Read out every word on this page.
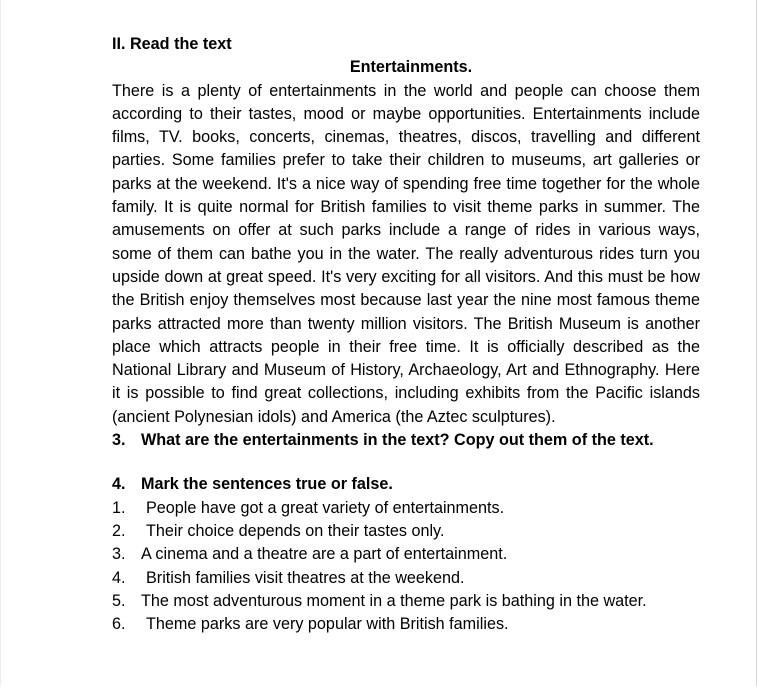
II. Read the text

Entertainments.

There is a plenty of entertainments in the world and people can choose them according to their tastes, mood or maybe opportunities. Entertainments include films, TV. books, concerts, cinemas, theatres, discos, travelling and different parties. Some families prefer to take their children to museums, art galleries or parks at the weekend. It's a nice way of spending free time together for the whole family. It is quite normal for British families to visit theme parks in summer. The amusements on offer at such parks include a range of rides in various ways, some of them can bathe you in the water. The really adventurous rides turn you upside down at great speed. It's very exciting for all visitors. And this must be how the British enjoy themselves most because last year the nine most famous theme parks attracted more than twenty million visitors. The British Museum is another place which attracts people in their free time. It is officially described as the National Library and Museum of History, Archaeology, Art and Ethnography. Here it is possible to find great collections, including exhibits from the Pacific islands (ancient Polynesian idols) and America (the Aztec sculptures).

3. What are the entertainments in the text? Copy out them of the text.

4. Mark the sentences true or false.

1.	People have got a great variety of entertainments.
2.	Their choice depends on their tastes only.
3. A cinema and a theatre are a part of entertainment.
4.	British families visit theatres at the weekend.
5. The most adventurous moment in a theme park is bathing in the water.
6.	Theme parks are very popular with British families.
